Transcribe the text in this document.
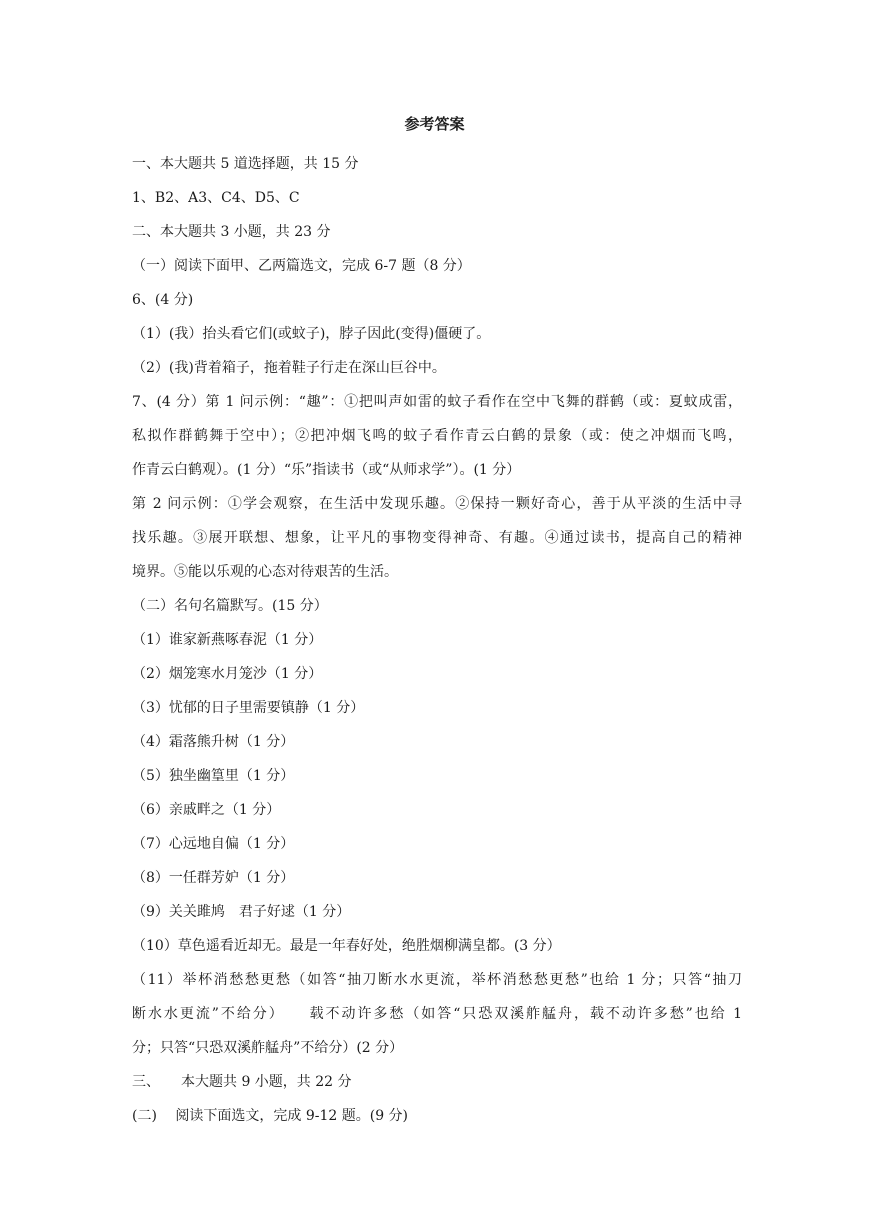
参考答案
一、本大题共 5 道选择题，共 15 分
1、B2、A3、C4、D5、C
二、本大题共 3 小题，共 23 分
（一）阅读下面甲、乙两篇选文，完成 6-7 题（8 分）
6、(4 分)
（1）(我）抬头看它们(或蚊子)，脖子因此(变得)僵硬了。
（2）(我)背着箱子，拖着鞋子行走在深山巨谷中。
7、(4 分）第 1 问示例：“趣”：①把叫声如雷的蚊子看作在空中飞舞的群鹤（或：夏蚊成雷，
私拟作群鹤舞于空中）；②把冲烟飞鸣的蚊子看作青云白鹤的景象（或：使之冲烟而飞鸣，
作青云白鹤观）。(1 分）“乐”指读书（或“从师求学”）。(1 分）
第 2 问示例：①学会观察，在生活中发现乐趣。②保持一颗好奇心，善于从平淡的生活中寻
找乐趣。③展开联想、想象，让平凡的事物变得神奇、有趣。④通过读书，提高自己的精神
境界。⑤能以乐观的心态对待艰苦的生活。
（二）名句名篇默写。(15 分）
（1）谁家新燕啄春泥（1 分）
（2）烟笼寒水月笼沙（1 分）
（3）忧郁的日子里需要镇静（1 分）
（4）霜落熊升树（1 分）
（5）独坐幽篁里（1 分）
（6）亲戚畔之（1 分）
（7）心远地自偏（1 分）
（8）一任群芳妒（1 分）
（9）关关雎鸠　君子好逑（1 分）
（10）草色遥看近却无。最是一年春好处，绝胜烟柳满皇都。(3 分）
（11）举杯消愁愁更愁（如答“抽刀断水水更流，举杯消愁愁更愁”也给 1 分；只答“抽刀
断水水更流”不给分）　　载不动许多愁（如答“只恐双溪舴艋舟，载不动许多愁”也给 1
分；只答“只恐双溪舴艋舟”不给分）(2 分）
三、　　本大题共 9 小题，共 22 分
(二)　 阅读下面选文，完成 9-12 题。(9 分)
